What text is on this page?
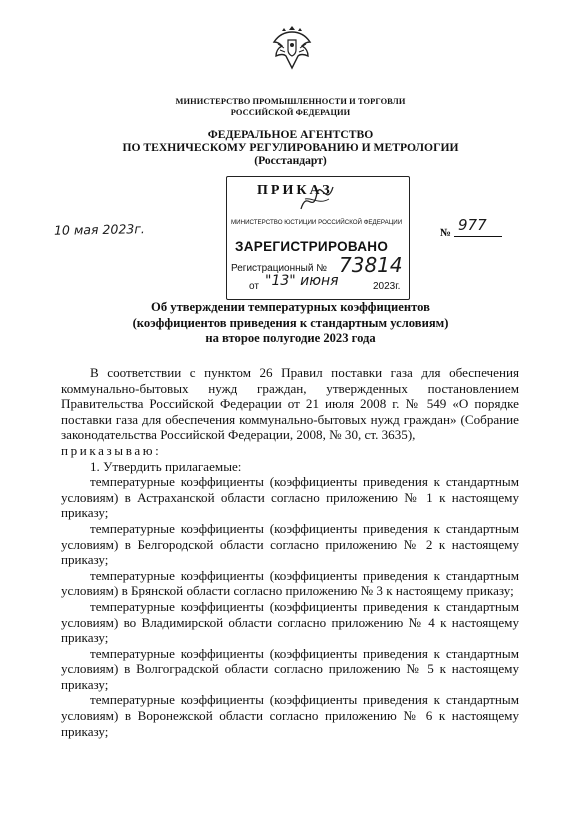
МИНИСТЕРСТВО ПРОМЫШЛЕННОСТИ И ТОРГОВЛИ
РОССИЙСКОЙ ФЕДЕРАЦИИ
ФЕДЕРАЛЬНОЕ АГЕНТСТВО
ПО ТЕХНИЧЕСКОМУ РЕГУЛИРОВАНИЮ И МЕТРОЛОГИИ
(Росстандарт)
10 мая 2023г.	№ 977
ПРИКАЗ
МИНИСТЕРСТВО ЮСТИЦИИ РОССИЙСКОЙ ФЕДЕРАЦИИ
ЗАРЕГИСТРИРОВАНО
Регистрационный № 73814
от "13" июня	2023г.
Об утверждении температурных коэффициентов
(коэффициентов приведения к стандартным условиям)
на второе полугодие 2023 года

В соответствии с пунктом 26 Правил поставки газа для обеспечения коммунально-бытовых нужд граждан, утвержденных постановлением Правительства Российской Федерации от 21 июля 2008 г. № 549 «О порядке поставки газа для обеспечения коммунально-бытовых нужд граждан» (Собрание законодательства Российской Федерации, 2008, № 30, ст. 3635),

приказываю:

1. Утвердить прилагаемые:

температурные коэффициенты (коэффициенты приведения к стандартным условиям) в Астраханской области согласно приложению № 1 к настоящему приказу;

температурные коэффициенты (коэффициенты приведения к стандартным условиям) в Белгородской области согласно приложению № 2 к настоящему приказу;

температурные коэффициенты (коэффициенты приведения к стандартным условиям) в Брянской области согласно приложению № 3 к настоящему приказу;

температурные коэффициенты (коэффициенты приведения к стандартным условиям) во Владимирской области согласно приложению № 4 к настоящему приказу;

температурные коэффициенты (коэффициенты приведения к стандартным условиям) в Волгоградской области согласно приложению № 5 к настоящему приказу;

температурные коэффициенты (коэффициенты приведения к стандартным условиям) в Воронежской области согласно приложению № 6 к настоящему приказу;
